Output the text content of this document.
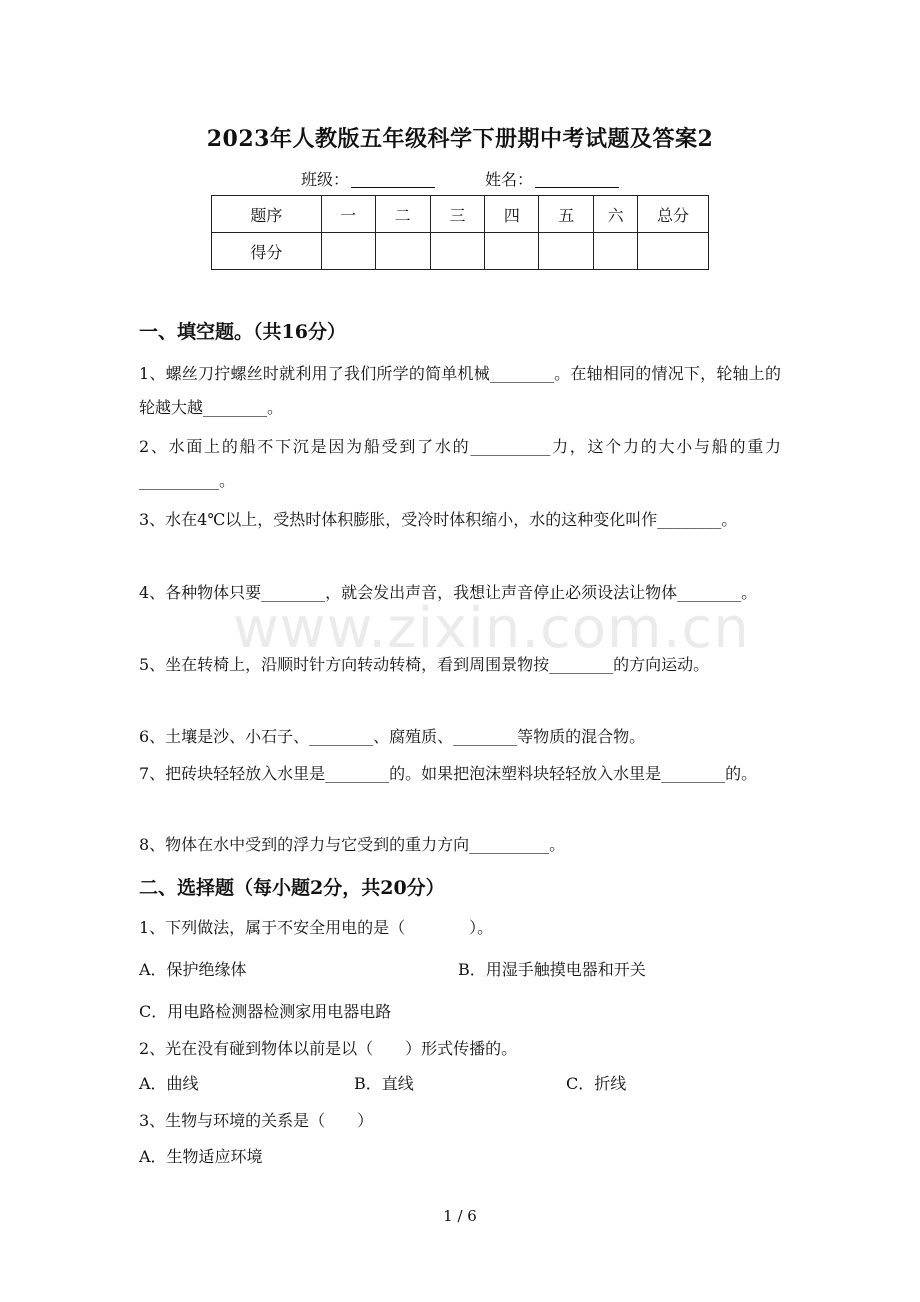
2023年人教版五年级科学下册期中考试题及答案2
班级：	姓名：
题序	一	二	三	四	五	六	总分
得分							
一、填空题。（共16分）
1、螺丝刀拧螺丝时就利用了我们所学的简单机械________。在轴相同的情况下，轮轴上的轮越大越________。
2、水面上的船不下沉是因为船受到了水的__________力，这个力的大小与船的重力__________。
3、水在4℃以上，受热时体积膨胀，受冷时体积缩小，水的这种变化叫作________。
4、各种物体只要________，就会发出声音，我想让声音停止必须设法让物体________。
5、坐在转椅上，沿顺时针方向转动转椅，看到周围景物按________的方向运动。
6、土壤是沙、小石子、________、腐殖质、________等物质的混合物。
7、把砖块轻轻放入水里是________的。如果把泡沫塑料块轻轻放入水里是________的。
8、物体在水中受到的浮力与它受到的重力方向__________。
二、选择题（每小题2分，共20分）
1、下列做法，属于不安全用电的是（　　　　）。
A．保护绝缘体	B．用湿手触摸电器和开关
C．用电路检测器检测家用电器电路
2、光在没有碰到物体以前是以（　　）形式传播的。
A．曲线	B．直线	C．折线
3、生物与环境的关系是（　　）
A．生物适应环境
www.zixin.com.cn
1 / 6
